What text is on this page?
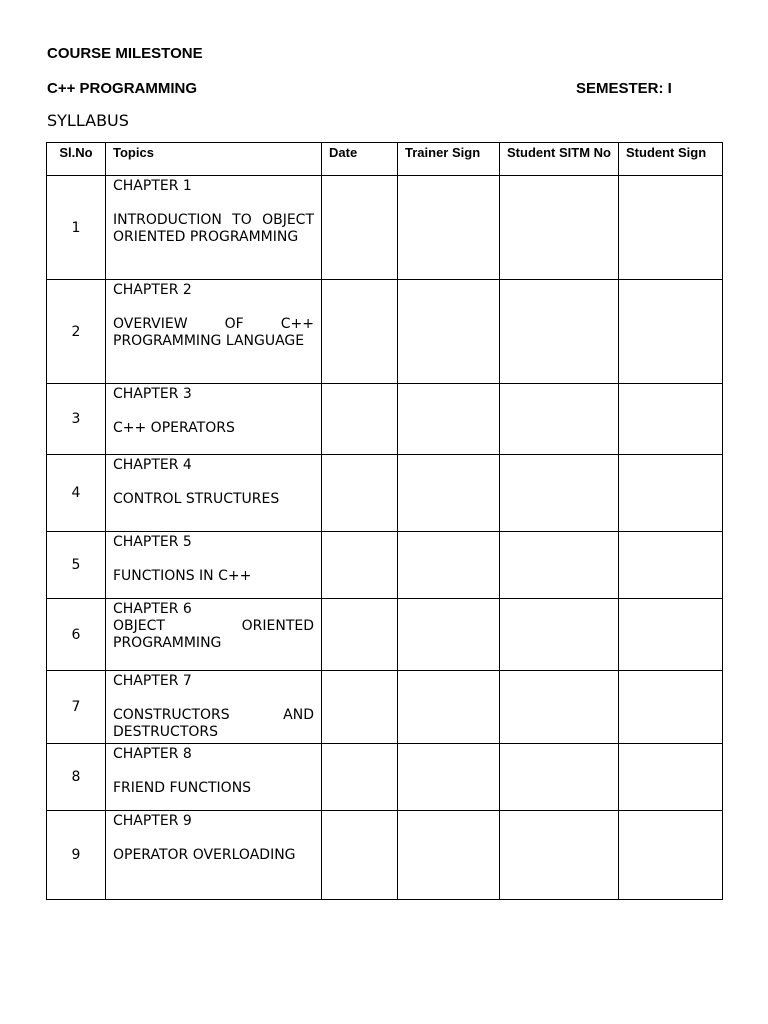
COURSE MILESTONE
C++ PROGRAMMING	SEMESTER: I
SYLLABUS
Sl.No	Topics	Date	Trainer Sign	Student SITM No	Student Sign
1	CHAPTER 1
INTRODUCTION TO OBJECT ORIENTED PROGRAMMING				

2	CHAPTER 2
OVERVIEW OF C++ PROGRAMMING LANGUAGE				

3	CHAPTER 3
C++ OPERATORS				

4	CHAPTER 4
CONTROL STRUCTURES				

5	CHAPTER 5
FUNCTIONS IN C++				

6	CHAPTER 6
OBJECT ORIENTED PROGRAMMING				

7	CHAPTER 7
CONSTRUCTORS AND DESTRUCTORS				

8	CHAPTER 8
FRIEND FUNCTIONS				

9	CHAPTER 9
OPERATOR OVERLOADING				
